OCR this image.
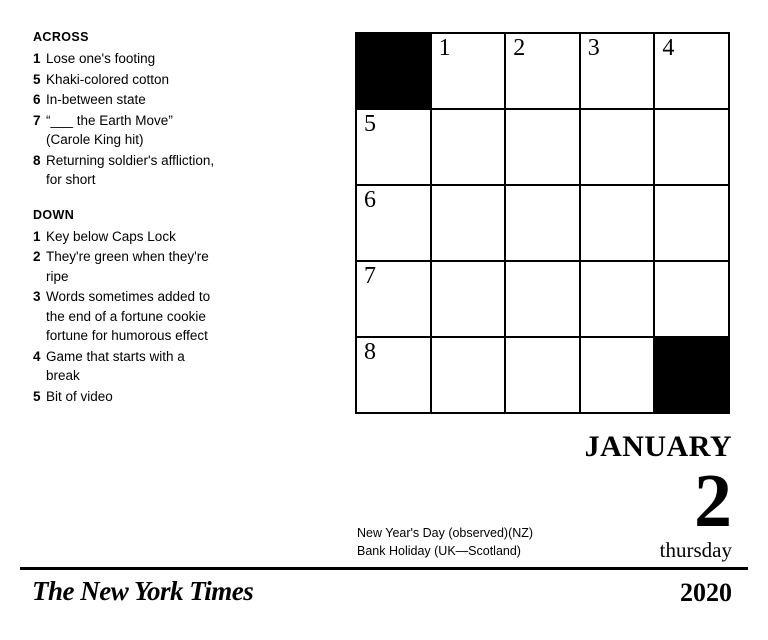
ACROSS
1 Lose one's footing
5 Khaki-colored cotton
6 In-between state
7 “___ the Earth Move” (Carole King hit)
8 Returning soldier's affliction, for short
DOWN
1 Key below Caps Lock
2 They're green when they're ripe
3 Words sometimes added to the end of a fortune cookie fortune for humorous effect
4 Game that starts with a break
5 Bit of video
1	2	3	4
5
6
7
8
JANUARY
2
thursday
New Year's Day (observed)(NZ)
Bank Holiday (UK—Scotland)
The New York Times	2020
